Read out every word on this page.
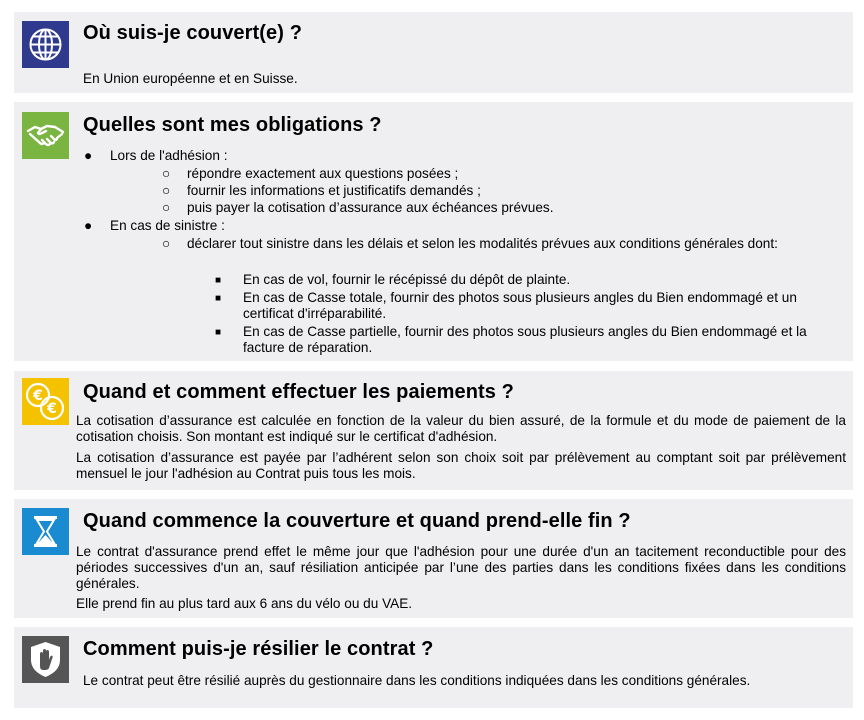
Où suis-je couvert(e) ?
En Union européenne et en Suisse.
Quelles sont mes obligations ?
● Lors de l'adhésion :
○ répondre exactement aux questions posées ;
○ fournir les informations et justificatifs demandés ;
○ puis payer la cotisation d’assurance aux échéances prévues.
● En cas de sinistre :
○ déclarer tout sinistre dans les délais et selon les modalités prévues aux conditions générales dont:
■ En cas de vol, fournir le récépissé du dépôt de plainte.
■ En cas de Casse totale, fournir des photos sous plusieurs angles du Bien endommagé et un certificat d'irréparabilité.
■ En cas de Casse partielle, fournir des photos sous plusieurs angles du Bien endommagé et la facture de réparation.
€
€
Quand et comment effectuer les paiements ?
La cotisation d’assurance est calculée en fonction de la valeur du bien assuré, de la formule et du mode de paiement de la cotisation choisis. Son montant est indiqué sur le certificat d'adhésion.
La cotisation d’assurance est payée par l’adhérent selon son choix soit par prélèvement au comptant soit par prélèvement mensuel le jour l'adhésion au Contrat puis tous les mois.
Quand commence la couverture et quand prend-elle fin ?
Le contrat d'assurance prend effet le même jour que l'adhésion pour une durée d'un an tacitement reconductible pour des périodes successives d'un an, sauf résiliation anticipée par l’une des parties dans les conditions fixées dans les conditions générales.
Elle prend fin au plus tard aux 6 ans du vélo ou du VAE.
Comment puis-je résilier le contrat ?
Le contrat peut être résilié auprès du gestionnaire dans les conditions indiquées dans les conditions générales.
